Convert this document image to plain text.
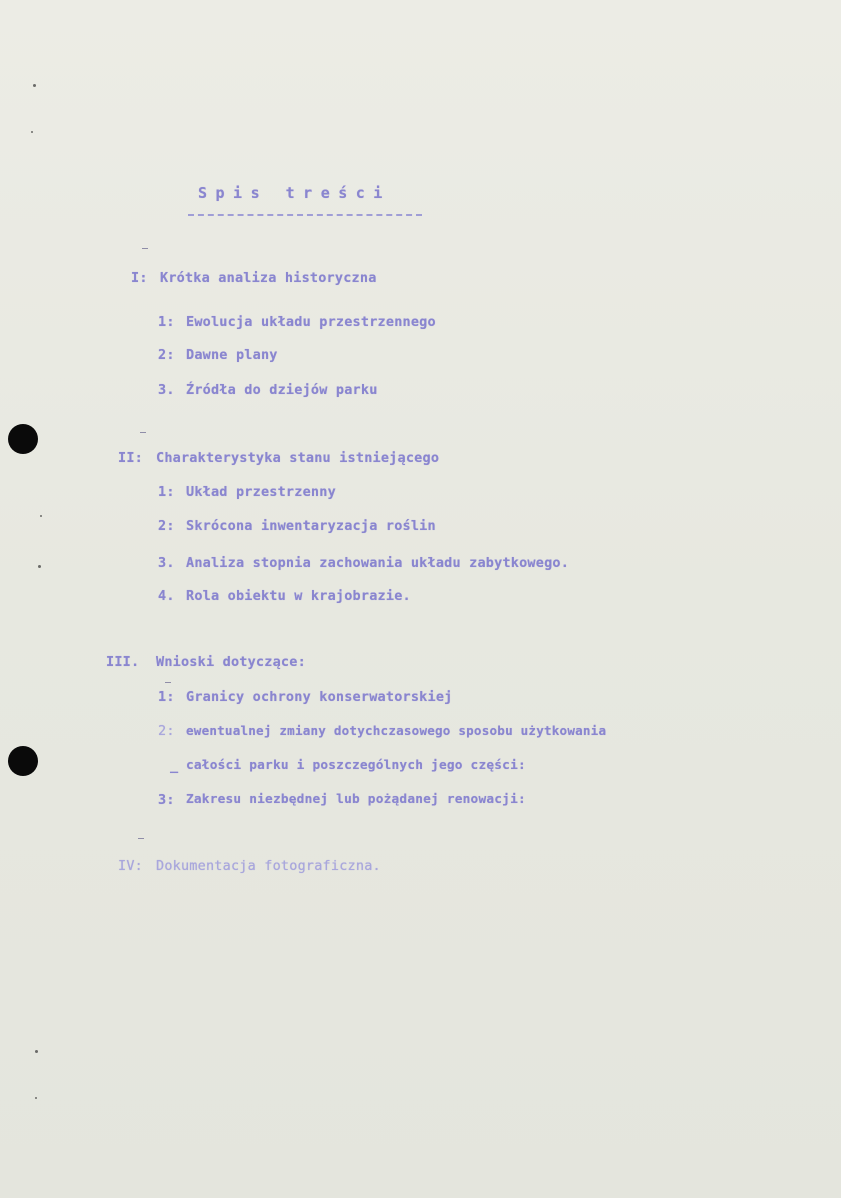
Spis treści
I: Krótka analiza historyczna
1: Ewolucja układu przestrzennego
2: Dawne plany
3. Źródła do dziejów parku
II: Charakterystyka stanu istniejącego
1: Układ przestrzenny
2: Skrócona inwentaryzacja roślin
3. Analiza stopnia zachowania układu zabytkowego.
4. Rola obiektu w krajobrazie.
III. Wnioski dotyczące:
1: Granicy ochrony konserwatorskiej
2: ewentualnej zmiany dotychczasowego sposobu użytkowania
_ całości parku i poszczególnych jego części:
3: Zakresu niezbędnej lub pożądanej renowacji:
IV: Dokumentacja fotograficzna.
